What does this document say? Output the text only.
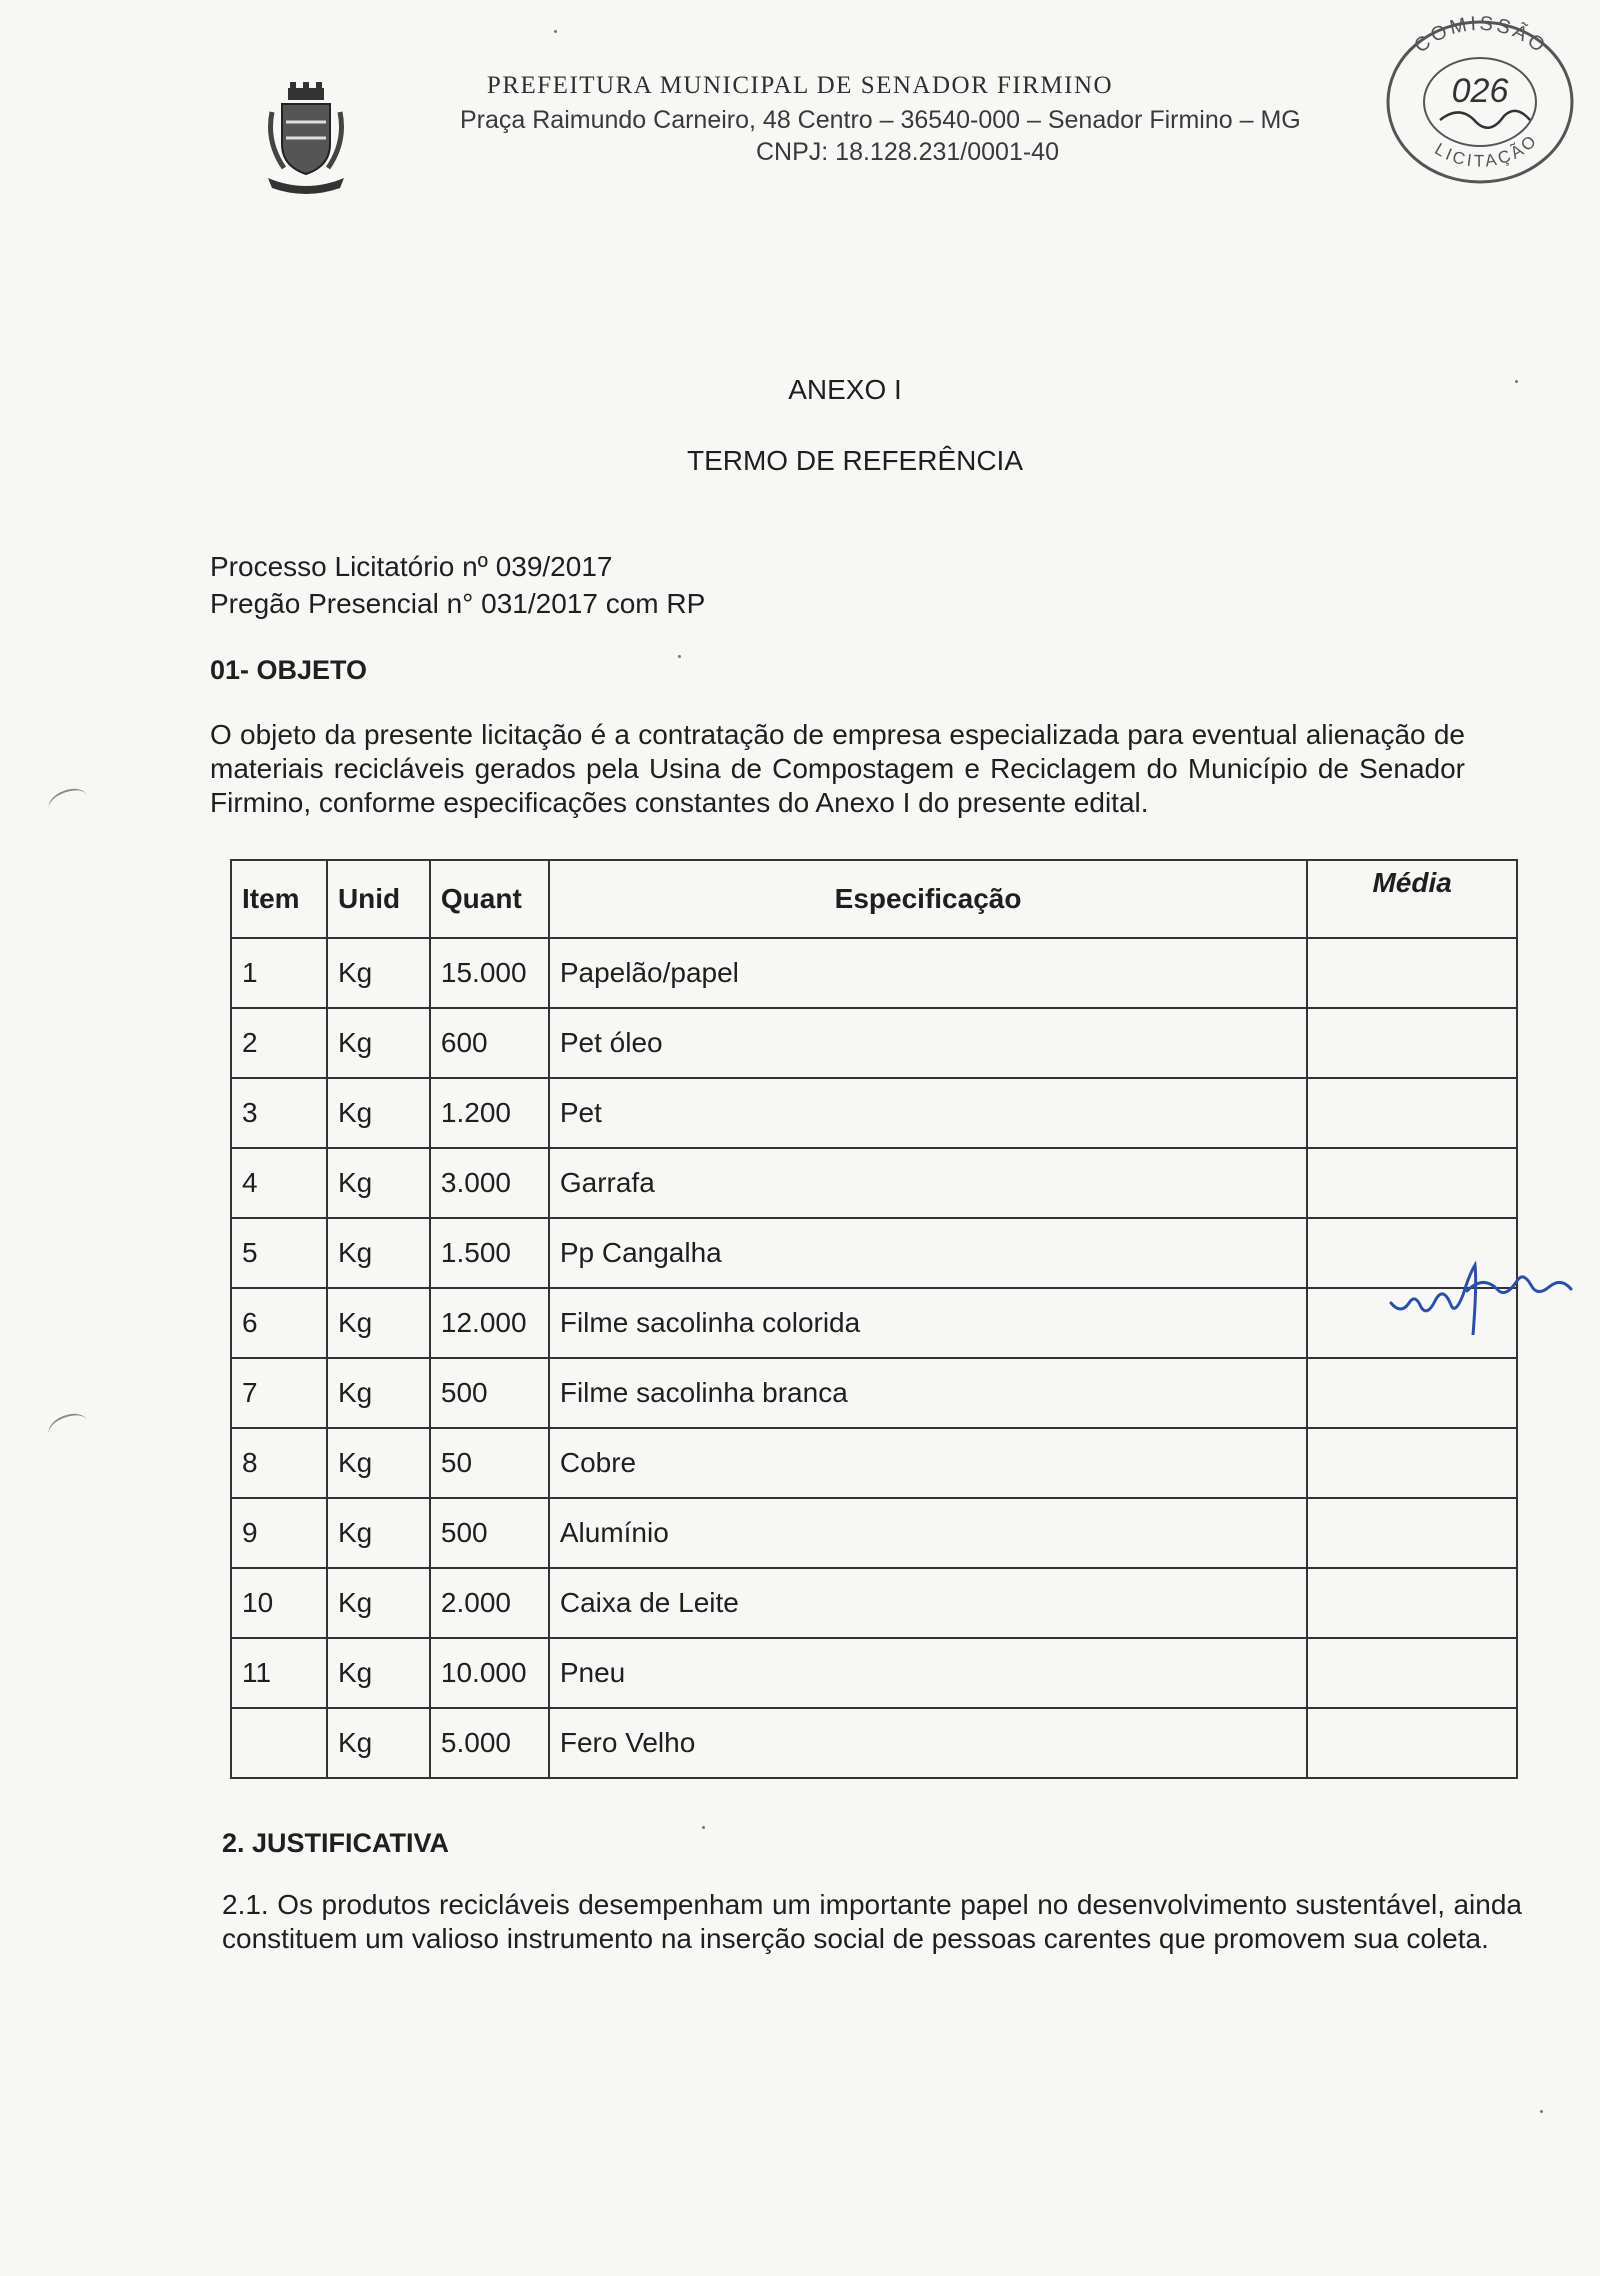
PREFEITURA MUNICIPAL DE SENADOR FIRMINO
Praça Raimundo Carneiro, 48 Centro – 36540-000 – Senador Firmino – MG
CNPJ: 18.128.231/0001-40
COMISSÃO
LICITAÇÃO
026
ANEXO I
TERMO DE REFERÊNCIA
Processo Licitatório nº 039/2017
Pregão Presencial n° 031/2017 com RP
01- OBJETO
O objeto da presente licitação é a contratação de empresa especializada para eventual alienação de materiais recicláveis gerados pela Usina de Compostagem e Reciclagem do Município de Senador Firmino, conforme especificações constantes do Anexo I do presente edital.
Item	Unid	Quant	Especificação	Média
1	Kg	15.000	Papelão/papel	
2	Kg	600	Pet óleo	
3	Kg	1.200	Pet	
4	Kg	3.000	Garrafa	
5	Kg	1.500	Pp Cangalha	
6	Kg	12.000	Filme sacolinha colorida	
7	Kg	500	Filme sacolinha branca	
8	Kg	50	Cobre	
9	Kg	500	Alumínio	
10	Kg	2.000	Caixa de Leite	
11	Kg	10.000	Pneu	
	Kg	5.000	Fero Velho	
2. JUSTIFICATIVA
2.1. Os produtos recicláveis desempenham um importante papel no desenvolvimento sustentável, ainda constituem um valioso instrumento na inserção social de pessoas carentes que promovem sua coleta.
